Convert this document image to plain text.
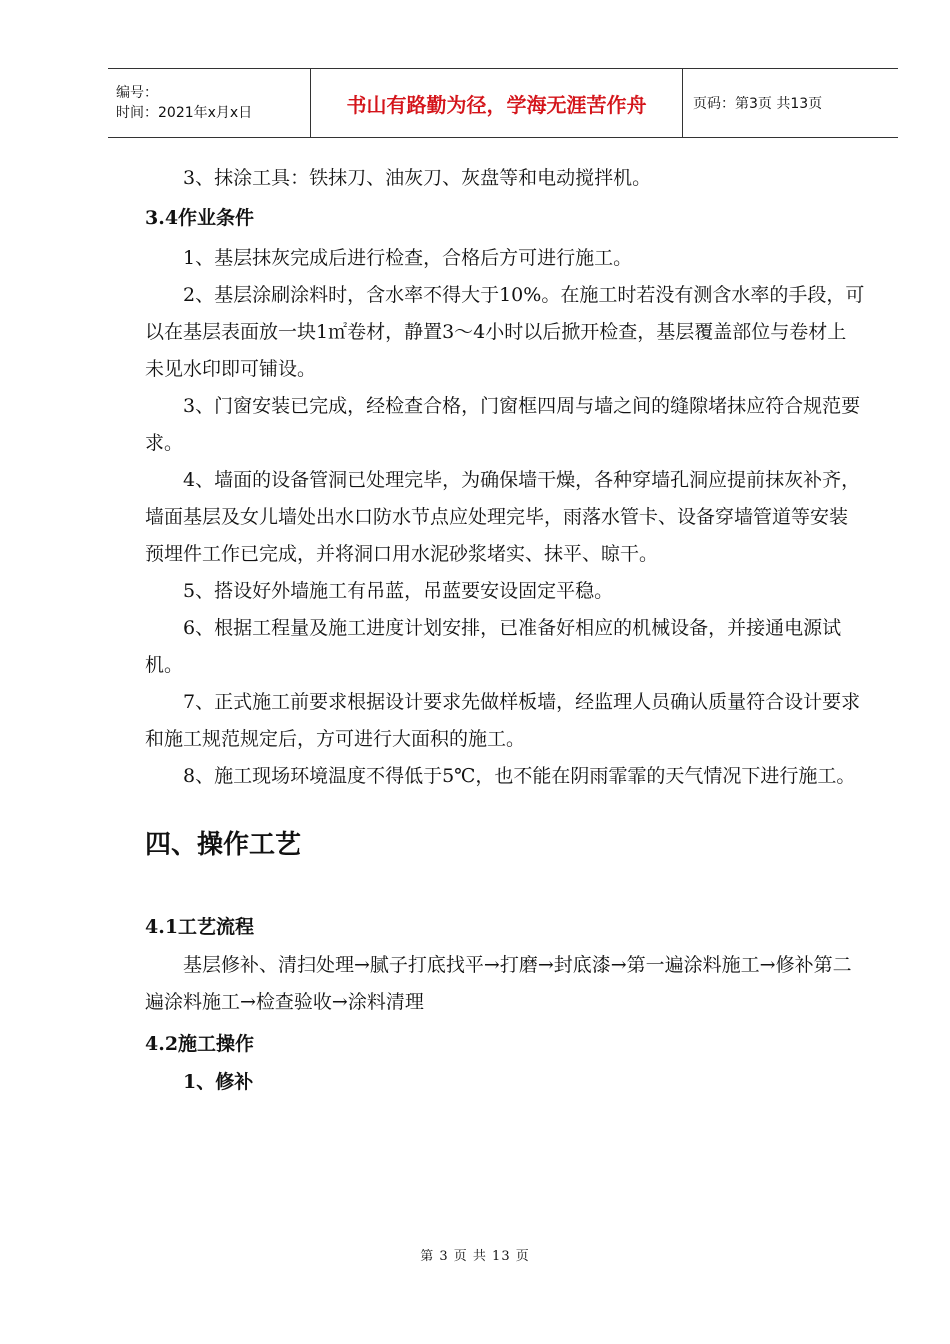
编号：
时间：2021年x月x日	书山有路勤为径，学海无涯苦作舟	页码：第3页 共13页

3、抹涂工具：铁抹刀、油灰刀、灰盘等和电动搅拌机。

3.4作业条件

1、基层抹灰完成后进行检查，合格后方可进行施工。

2、基层涂刷涂料时，含水率不得大于10%。在施工时若没有测含水率的手段，可以在基层表面放一块1㎡卷材，静置3～4小时以后掀开检查，基层覆盖部位与卷材上未见水印即可铺设。

3、门窗安装已完成，经检查合格，门窗框四周与墙之间的缝隙堵抹应符合规范要求。

4、墙面的设备管洞已处理完毕，为确保墙干燥，各种穿墙孔洞应提前抹灰补齐，墙面基层及女儿墙处出水口防水节点应处理完毕，雨落水管卡、设备穿墙管道等安装预埋件工作已完成，并将洞口用水泥砂浆堵实、抹平、晾干。

5、搭设好外墙施工有吊蓝，吊蓝要安设固定平稳。

6、根据工程量及施工进度计划安排，已准备好相应的机械设备，并接通电源试机。

7、正式施工前要求根据设计要求先做样板墙，经监理人员确认质量符合设计要求和施工规范规定后，方可进行大面积的施工。

8、施工现场环境温度不得低于5℃，也不能在阴雨霏霏的天气情况下进行施工。

四、操作工艺
4.1工艺流程

基层修补、清扫处理→腻子打底找平→打磨→封底漆→第一遍涂料施工→修补第二遍涂料施工→检查验收→涂料清理

4.2施工操作

1、修补

第 3 页 共 13 页
